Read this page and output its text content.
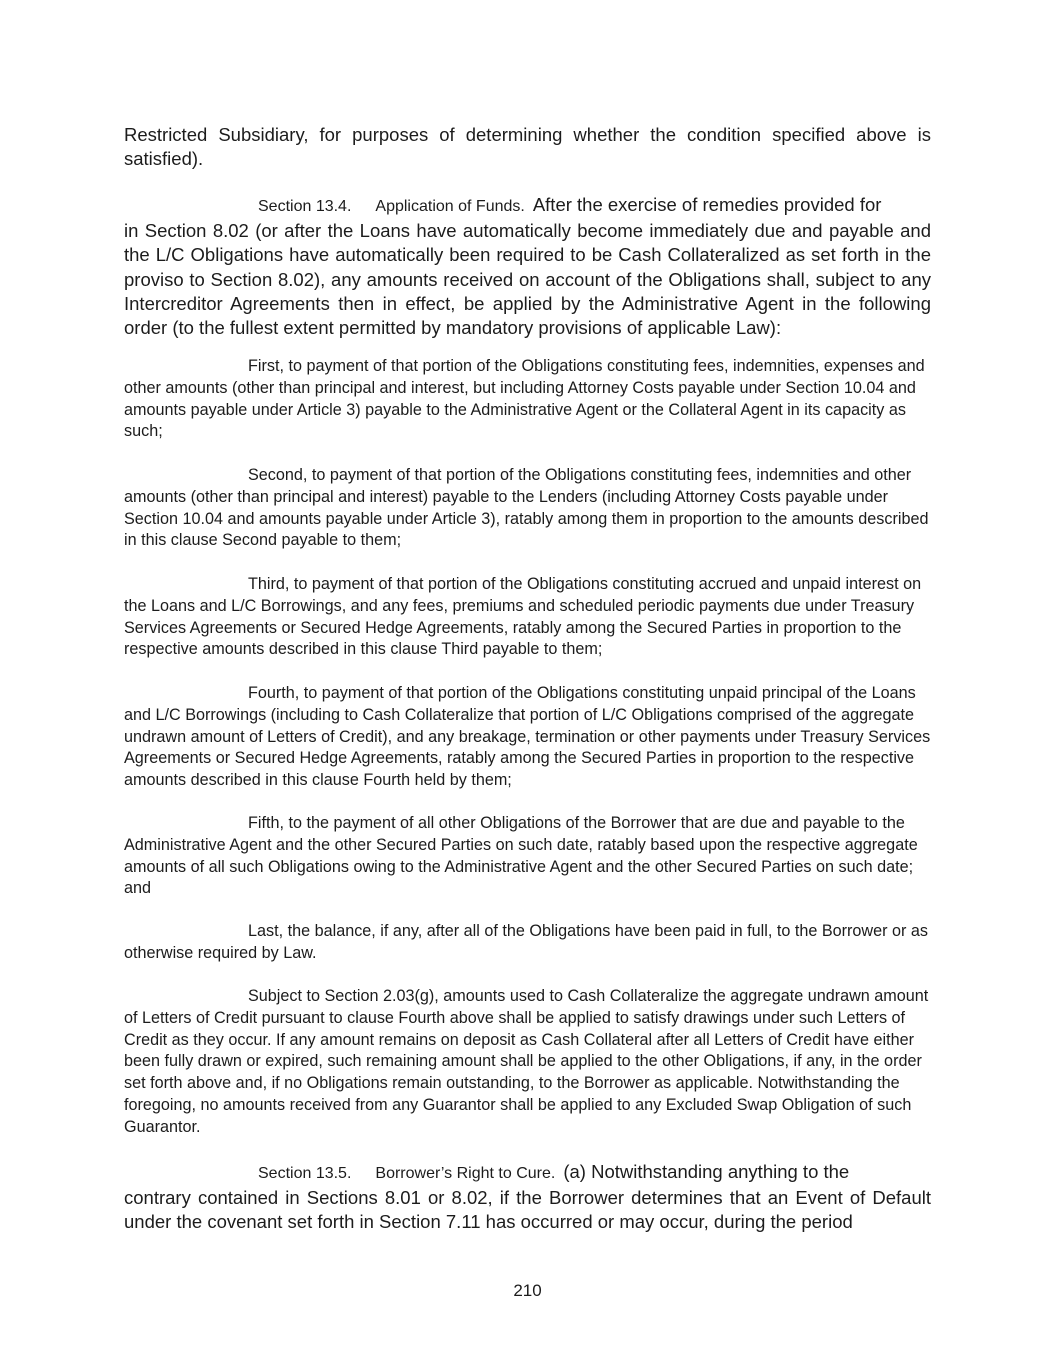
Restricted Subsidiary, for purposes of determining whether the condition specified above is satisfied).

Section 13.4. Application of Funds. After the exercise of remedies provided for
in Section 8.02 (or after the Loans have automatically become immediately due and payable and the L/C Obligations have automatically been required to be Cash Collateralized as set forth in the proviso to Section 8.02), any amounts received on account of the Obligations shall, subject to any Intercreditor Agreements then in effect, be applied by the Administrative Agent in the following order (to the fullest extent permitted by mandatory provisions of applicable Law):

First, to payment of that portion of the Obligations constituting fees, indemnities, expenses and other amounts (other than principal and interest, but including Attorney Costs payable under Section 10.04 and amounts payable under Article 3) payable to the Administrative Agent or the Collateral Agent in its capacity as such;

Second, to payment of that portion of the Obligations constituting fees, indemnities and other amounts (other than principal and interest) payable to the Lenders (including Attorney Costs payable under Section 10.04 and amounts payable under Article 3), ratably among them in proportion to the amounts described in this clause Second payable to them;

Third, to payment of that portion of the Obligations constituting accrued and unpaid interest on the Loans and L/C Borrowings, and any fees, premiums and scheduled periodic payments due under Treasury Services Agreements or Secured Hedge Agreements, ratably among the Secured Parties in proportion to the respective amounts described in this clause Third payable to them;

Fourth, to payment of that portion of the Obligations constituting unpaid principal of the Loans and L/C Borrowings (including to Cash Collateralize that portion of L/C Obligations comprised of the aggregate undrawn amount of Letters of Credit), and any breakage, termination or other payments under Treasury Services Agreements or Secured Hedge Agreements, ratably among the Secured Parties in proportion to the respective amounts described in this clause Fourth held by them;

Fifth, to the payment of all other Obligations of the Borrower that are due and payable to the Administrative Agent and the other Secured Parties on such date, ratably based upon the respective aggregate amounts of all such Obligations owing to the Administrative Agent and the other Secured Parties on such date; and

Last, the balance, if any, after all of the Obligations have been paid in full, to the Borrower or as otherwise required by Law.

Subject to Section 2.03(g), amounts used to Cash Collateralize the aggregate undrawn amount of Letters of Credit pursuant to clause Fourth above shall be applied to satisfy drawings under such Letters of Credit as they occur. If any amount remains on deposit as Cash Collateral after all Letters of Credit have either been fully drawn or expired, such remaining amount shall be applied to the other Obligations, if any, in the order set forth above and, if no Obligations remain outstanding, to the Borrower as applicable. Notwithstanding the foregoing, no amounts received from any Guarantor shall be applied to any Excluded Swap Obligation of such Guarantor.

Section 13.5. Borrower’s Right to Cure. (a) Notwithstanding anything to the
contrary contained in Sections 8.01 or 8.02, if the Borrower determines that an Event of Default under the covenant set forth in Section 7.11 has occurred or may occur, during the period
210
